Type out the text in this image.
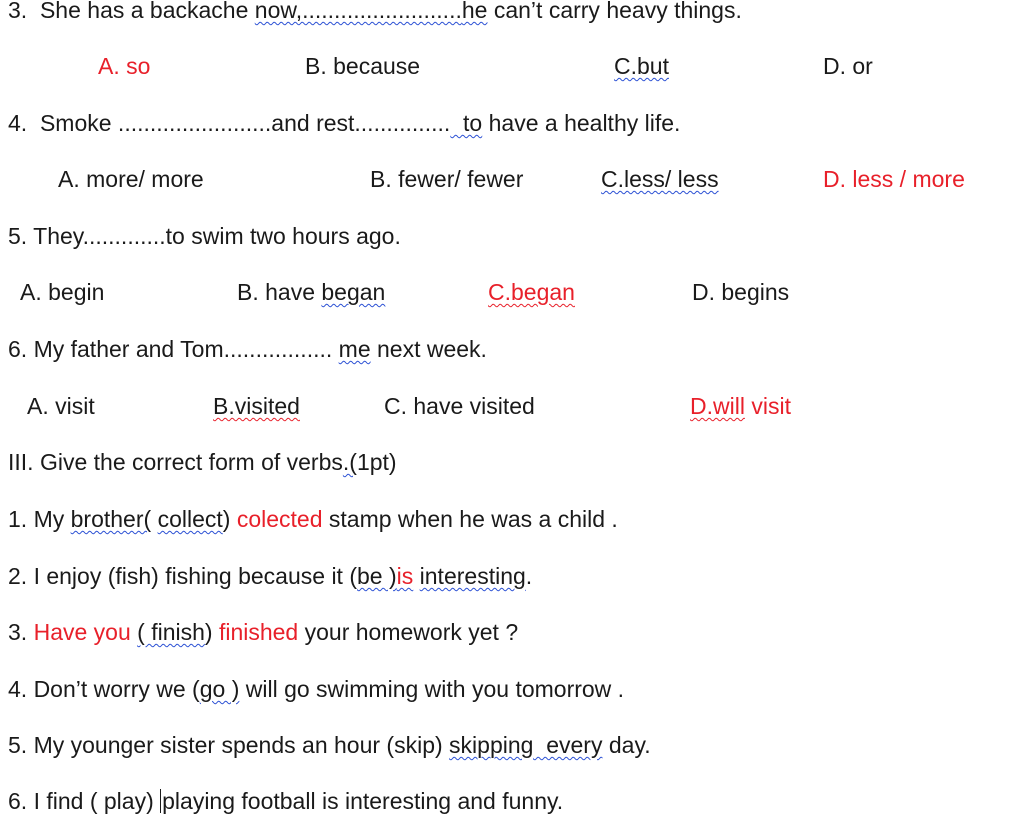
3.  She has a backache now,.........................he can’t carry heavy things.
A. so	B. because	C.but	D. or
4.  Smoke ........................and rest...............  to have a healthy life.
A. more/ more	B. fewer/ fewer	C.less/ less	D. less / more
5. They.............to swim two hours ago.
A. begin	B. have began	C.began	D. begins
6. My father and Tom................. me next week.
A. visit	B.visited	C. have visited	D.will visit
III. Give the correct form of verbs.(1pt)
1. My brother( collect) colected stamp when he was a child .
2. I enjoy (fish) fishing because it (be )is interesting.
3. Have you ( finish) finished your homework yet ?
4. Don’t worry we (go ) will go swimming with you tomorrow .
5. My younger sister spends an hour (skip) skipping  every day.
6. I find ( play) playing football is interesting and funny.
